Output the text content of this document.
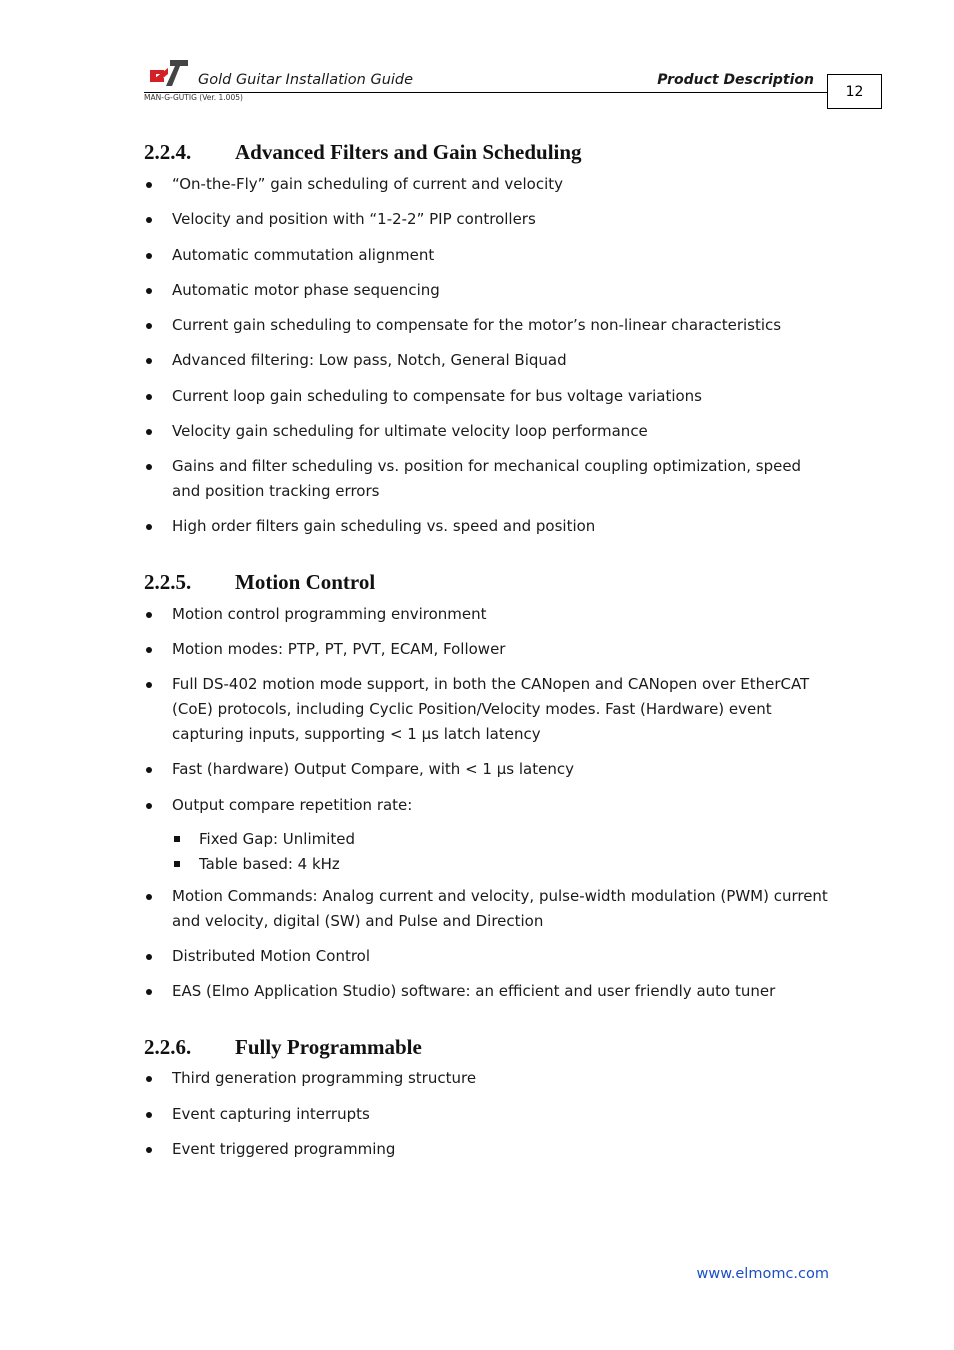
Gold Guitar Installation Guide
MAN-G-GUTIG (Ver. 1.005)
Product Description
12
2.2.4. Advanced Filters and Gain Scheduling
“On-the-Fly” gain scheduling of current and velocity
Velocity and position with “1-2-2” PIP controllers
Automatic commutation alignment
Automatic motor phase sequencing
Current gain scheduling to compensate for the motor’s non-linear characteristics
Advanced filtering: Low pass, Notch, General Biquad
Current loop gain scheduling to compensate for bus voltage variations
Velocity gain scheduling for ultimate velocity loop performance
Gains and filter scheduling vs. position for mechanical coupling optimization, speed and position tracking errors
High order filters gain scheduling vs. speed and position
2.2.5. Motion Control
Motion control programming environment
Motion modes: PTP, PT, PVT, ECAM, Follower
Full DS-402 motion mode support, in both the CANopen and CANopen over EtherCAT (CoE) protocols, including Cyclic Position/Velocity modes. Fast (Hardware) event capturing inputs, supporting < 1 µs latch latency
Fast (hardware) Output Compare, with < 1 µs latency
Output compare repetition rate:
Motion Commands: Analog current and velocity, pulse-width modulation (PWM) current and velocity, digital (SW) and Pulse and Direction
Distributed Motion Control
EAS (Elmo Application Studio) software: an efficient and user friendly auto tuner
Fixed Gap: Unlimited
Table based: 4 kHz
2.2.6. Fully Programmable
Third generation programming structure
Event capturing interrupts
Event triggered programming
www.elmomc.com
